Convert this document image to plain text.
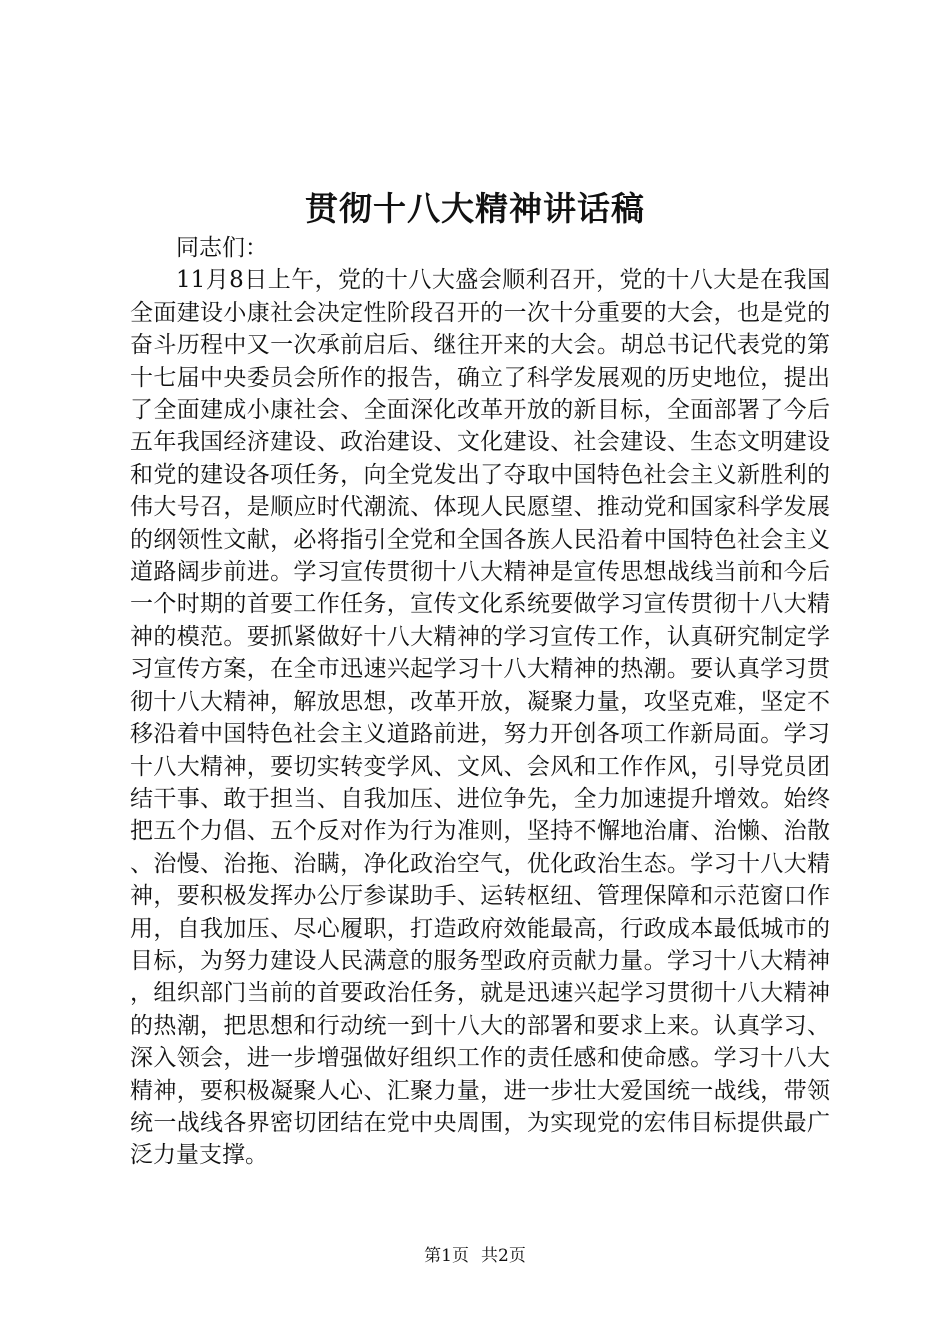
贯彻十八大精神讲话稿

同志们：

11月8日上午，党的十八大盛会顺利召开，党的十八大是在我国全面建设小康社会决定性阶段召开的一次十分重要的大会，也是党的奋斗历程中又一次承前启后、继往开来的大会。胡总书记代表党的第十七届中央委员会所作的报告，确立了科学发展观的历史地位，提出了全面建成小康社会、全面深化改革开放的新目标，全面部署了今后五年我国经济建设、政治建设、文化建设、社会建设、生态文明建设和党的建设各项任务，向全党发出了夺取中国特色社会主义新胜利的伟大号召，是顺应时代潮流、体现人民愿望、推动党和国家科学发展的纲领性文献，必将指引全党和全国各族人民沿着中国特色社会主义道路阔步前进。学习宣传贯彻十八大精神是宣传思想战线当前和今后一个时期的首要工作任务，宣传文化系统要做学习宣传贯彻十八大精神的模范。要抓紧做好十八大精神的学习宣传工作，认真研究制定学习宣传方案，在全市迅速兴起学习十八大精神的热潮。要认真学习贯彻十八大精神，解放思想，改革开放，凝聚力量，攻坚克难，坚定不移沿着中国特色社会主义道路前进，努力开创各项工作新局面。学习十八大精神，要切实转变学风、文风、会风和工作作风，引导党员团结干事、敢于担当、自我加压、进位争先，全力加速提升增效。始终把五个力倡、五个反对作为行为准则，坚持不懈地治庸、治懒、治散、治慢、治拖、治瞒，净化政治空气，优化政治生态。学习十八大精神，要积极发挥办公厅参谋助手、运转枢纽、管理保障和示范窗口作用，自我加压、尽心履职，打造政府效能最高，行政成本最低城市的目标，为努力建设人民满意的服务型政府贡献力量。学习十八大精神，组织部门当前的首要政治任务，就是迅速兴起学习贯彻十八大精神的热潮，把思想和行动统一到十八大的部署和要求上来。认真学习、深入领会，进一步增强做好组织工作的责任感和使命感。学习十八大精神，要积极凝聚人心、汇聚力量，进一步壮大爱国统一战线，带领统一战线各界密切团结在党中央周围，为实现党的宏伟目标提供最广泛力量支撑。

第1页 共2页
